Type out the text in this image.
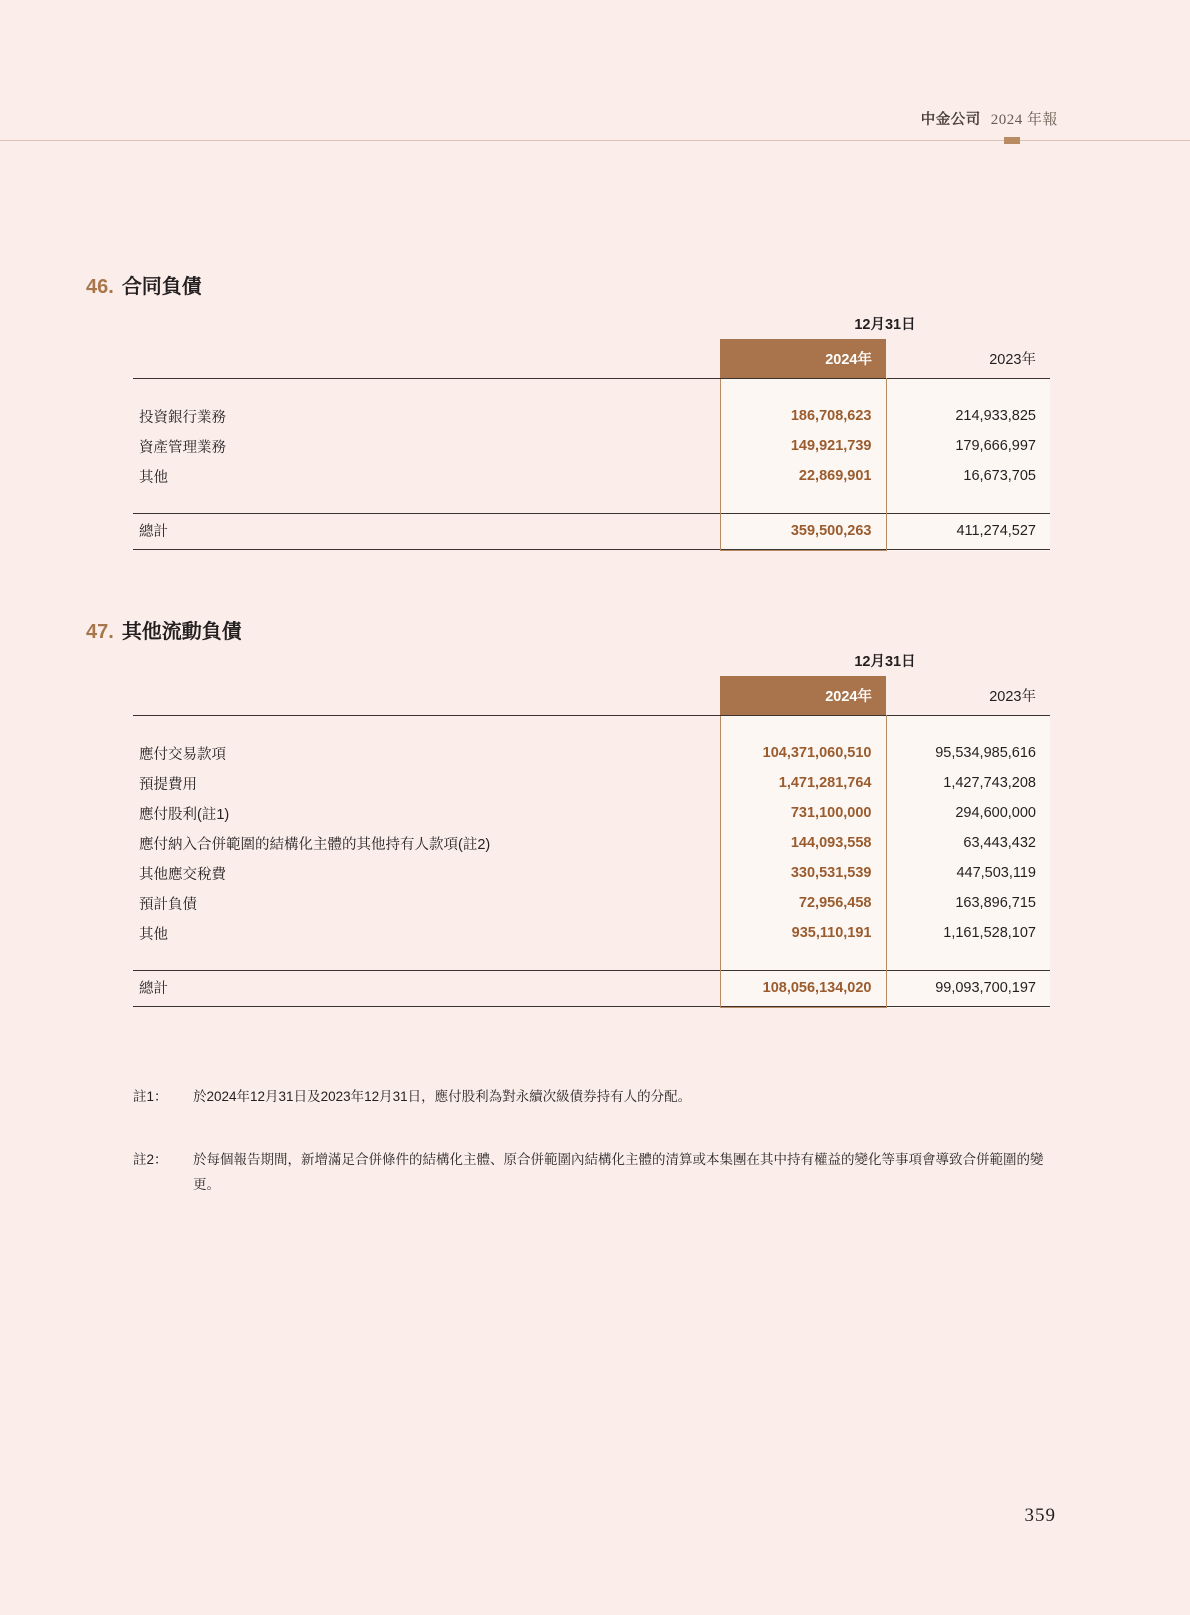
中金公司 2024 年報
46. 合同負債
12月31日
	2024年	2023年

投資銀行業務	186,708,623	214,933,825
資產管理業務	149,921,739	179,666,997
其他	22,869,901	16,673,705

總計	359,500,263	411,274,527

47. 其他流動負債
12月31日
	2024年	2023年

應付交易款項	104,371,060,510	95,534,985,616
預提費用	1,471,281,764	1,427,743,208
應付股利(註1)	731,100,000	294,600,000
應付納入合併範圍的結構化主體的其他持有人款項(註2)	144,093,558	63,443,432
其他應交稅費	330,531,539	447,503,119
預計負債	72,956,458	163,896,715
其他	935,110,191	1,161,528,107

總計	108,056,134,020	99,093,700,197

註1：	於2024年12月31日及2023年12月31日，應付股利為對永續次級債券持有人的分配。
註2：	於每個報告期間，新增滿足合併條件的結構化主體、原合併範圍內結構化主體的清算或本集團在其中持有權益的變化等事項會導致合併範圍的變更。
359
